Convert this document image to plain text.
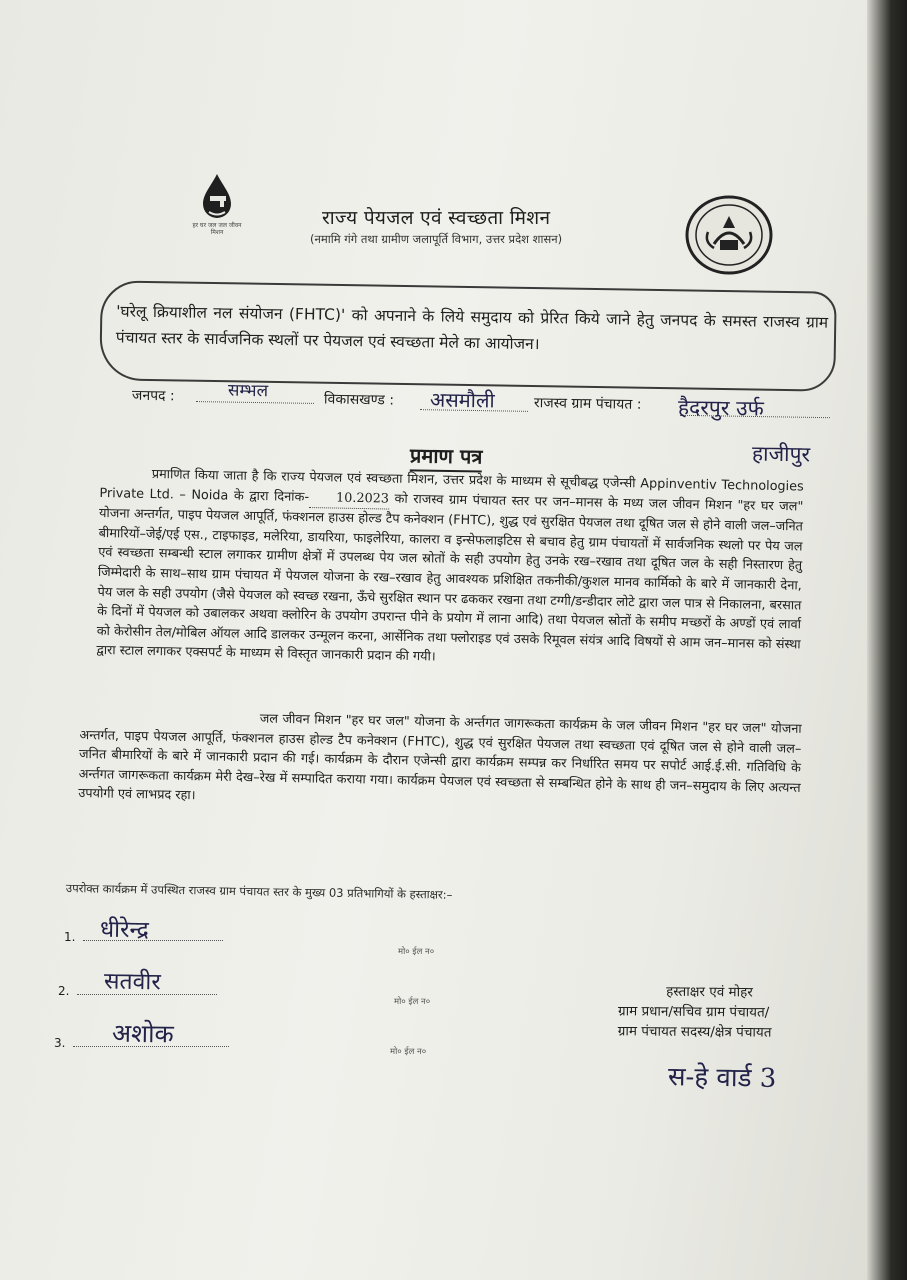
हर घर जल जल जीवन मिशन
राज्य पेयजल एवं स्वच्छता मिशन
(नमामि गंगे तथा ग्रामीण जलापूर्ति विभाग, उत्तर प्रदेश शासन)
'घरेलू क्रियाशील नल संयोजन (FHTC)' को अपनाने के लिये समुदाय को प्रेरित किये जाने हेतु जनपद के समस्त राजस्व ग्राम पंचायत स्तर के सार्वजनिक स्थलों पर पेयजल एवं स्वच्छता मेले का आयोजन।
जनपद :	सम्भल	विकासखण्ड : असमौली	राजस्व ग्राम पंचायत : हैदरपुर उर्फ
हाजीपुर
प्रमाण पत्र
प्रमाणित किया जाता है कि राज्य पेयजल एवं स्वच्छता मिशन, उत्तर प्रदेश के माध्यम से सूचीबद्ध एजेन्सी Appinventiv Technologies Private Ltd. – Noida के द्वारा दिनांक- 10.2023 को राजस्व ग्राम पंचायत स्तर पर जन–मानस के मध्य जल जीवन मिशन "हर घर जल" योजना अन्तर्गत, पाइप पेयजल आपूर्ति, फंक्शनल हाउस होल्ड टैप कनेक्शन (FHTC), शुद्ध एवं सुरक्षित पेयजल तथा दूषित जल से होने वाली जल–जनित बीमारियों–जेई/एई एस., टाइफाइड, मलेरिया, डायरिया, फाइलेरिया, कालरा व इन्सेफलाइटिस से बचाव हेतु ग्राम पंचायतों में सार्वजनिक स्थलो पर पेय जल एवं स्वच्छता सम्बन्धी स्टाल लगाकर ग्रामीण क्षेत्रों में उपलब्ध पेय जल स्रोतों के सही उपयोग हेतु उनके रख–रखाव तथा दूषित जल के सही निस्तारण हेतु जिम्मेदारी के साथ–साथ ग्राम पंचायत में पेयजल योजना के रख–रखाव हेतु आवश्यक प्रशिक्षित तकनीकी/कुशल मानव कार्मिको के बारे में जानकारी देना, पेय जल के सही उपयोग (जैसे पेयजल को स्वच्छ रखना, ऊँचे सुरक्षित स्थान पर ढककर रखना तथा टग्गी/डन्डीदार लोटे द्वारा जल पात्र से निकालना, बरसात के दिनों में पेयजल को उबालकर अथवा क्लोरिन के उपयोग उपरान्त पीने के प्रयोग में लाना आदि) तथा पेयजल स्रोतों के समीप मच्छरों के अण्डों एवं लार्वा को केरोसीन तेल/मोबिल ऑयल आदि डालकर उन्मूलन करना, आर्सेनिक तथा फ्लोराइड एवं उसके रिमूवल संयंत्र आदि विषयों से आम जन–मानस को संस्था द्वारा स्टाल लगाकर एक्सपर्ट के माध्यम से विस्तृत जानकारी प्रदान की गयी।
जल जीवन मिशन "हर घर जल" योजना के अर्न्तगत जागरूकता कार्यक्रम के जल जीवन मिशन "हर घर जल" योजना अन्तर्गत, पाइप पेयजल आपूर्ति, फंक्शनल हाउस होल्ड टैप कनेक्शन (FHTC), शुद्ध एवं सुरक्षित पेयजल तथा स्वच्छता एवं दूषित जल से होने वाली जल–जनित बीमारियों के बारे में जानकारी प्रदान की गई। कार्यक्रम के दौरान एजेन्सी द्वारा कार्यक्रम सम्पन्न कर निर्धारित समय पर सपोर्ट आई.ई.सी. गतिविधि के अर्न्तगत जागरूकता कार्यक्रम मेरी देख–रेख में सम्पादित कराया गया। कार्यक्रम पेयजल एवं स्वच्छता से सम्बन्धित होने के साथ ही जन–समुदाय के लिए अत्यन्त उपयोगी एवं लाभप्रद रहा।
उपरोक्त कार्यक्रम में उपस्थित राजस्व ग्राम पंचायत स्तर के मुख्य 03 प्रतिभागियों के हस्ताक्षर:–
1.	धीरेन्द्र
मो० ईल न०
2.	सतवीर
मो० ईल न०
3.	अशोक
मो० ईल न०
हस्ताक्षर एवं मोहर
ग्राम प्रधान/सचिव ग्राम पंचायत/
ग्राम पंचायत सदस्य/क्षेत्र पंचायत
स-हे वार्ड 3
